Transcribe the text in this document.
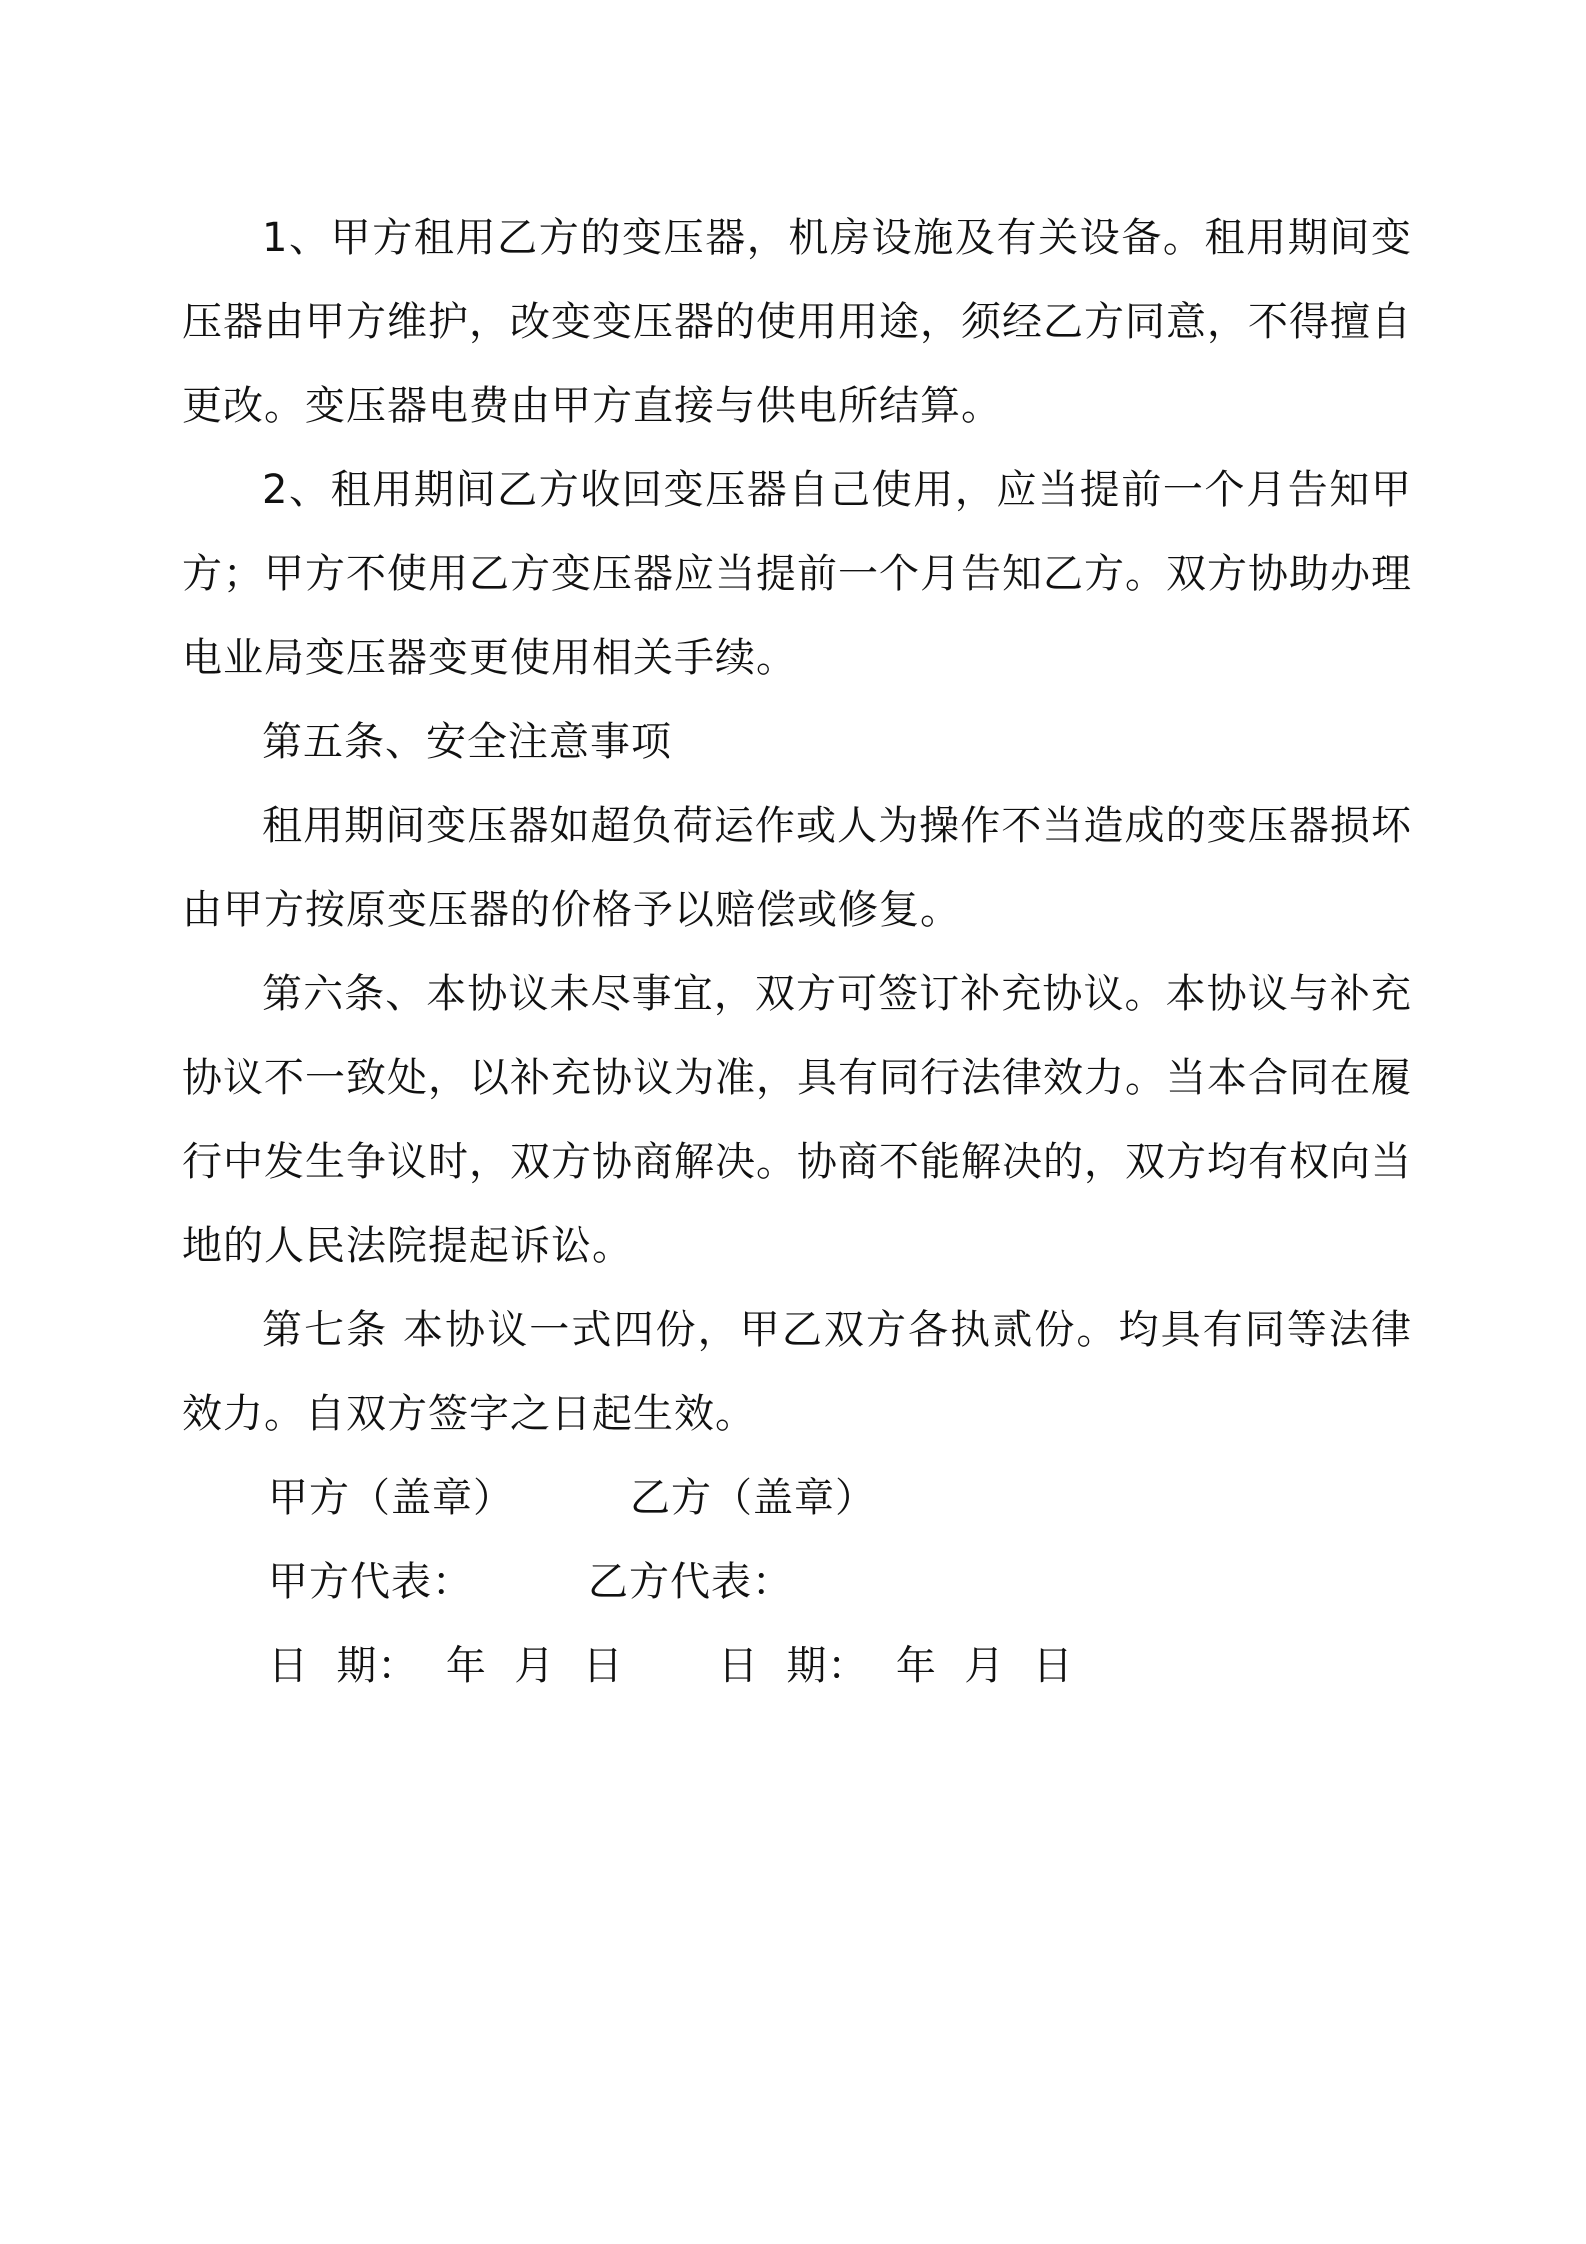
1、甲方租用乙方的变压器，机房设施及有关设备。租用期间变压器由甲方维护，改变变压器的使用用途，须经乙方同意，不得擅自更改。变压器电费由甲方直接与供电所结算。

2、租用期间乙方收回变压器自己使用，应当提前一个月告知甲方；甲方不使用乙方变压器应当提前一个月告知乙方。双方协助办理电业局变压器变更使用相关手续。

第五条、安全注意事项

租用期间变压器如超负荷运作或人为操作不当造成的变压器损坏由甲方按原变压器的价格予以赔偿或修复。

第六条、本协议未尽事宜，双方可签订补充协议。本协议与补充协议不一致处，以补充协议为准，具有同行法律效力。当本合同在履行中发生争议时，双方协商解决。协商不能解决的，双方均有权向当地的人民法院提起诉讼。

第七条 本协议一式四份，甲乙双方各执贰份。均具有同等法律效力。自双方签字之日起生效。

甲方（盖章）	乙方（盖章）
甲方代表：	乙方代表：
日  期：  年  月  日 日  期：  年  月  日
